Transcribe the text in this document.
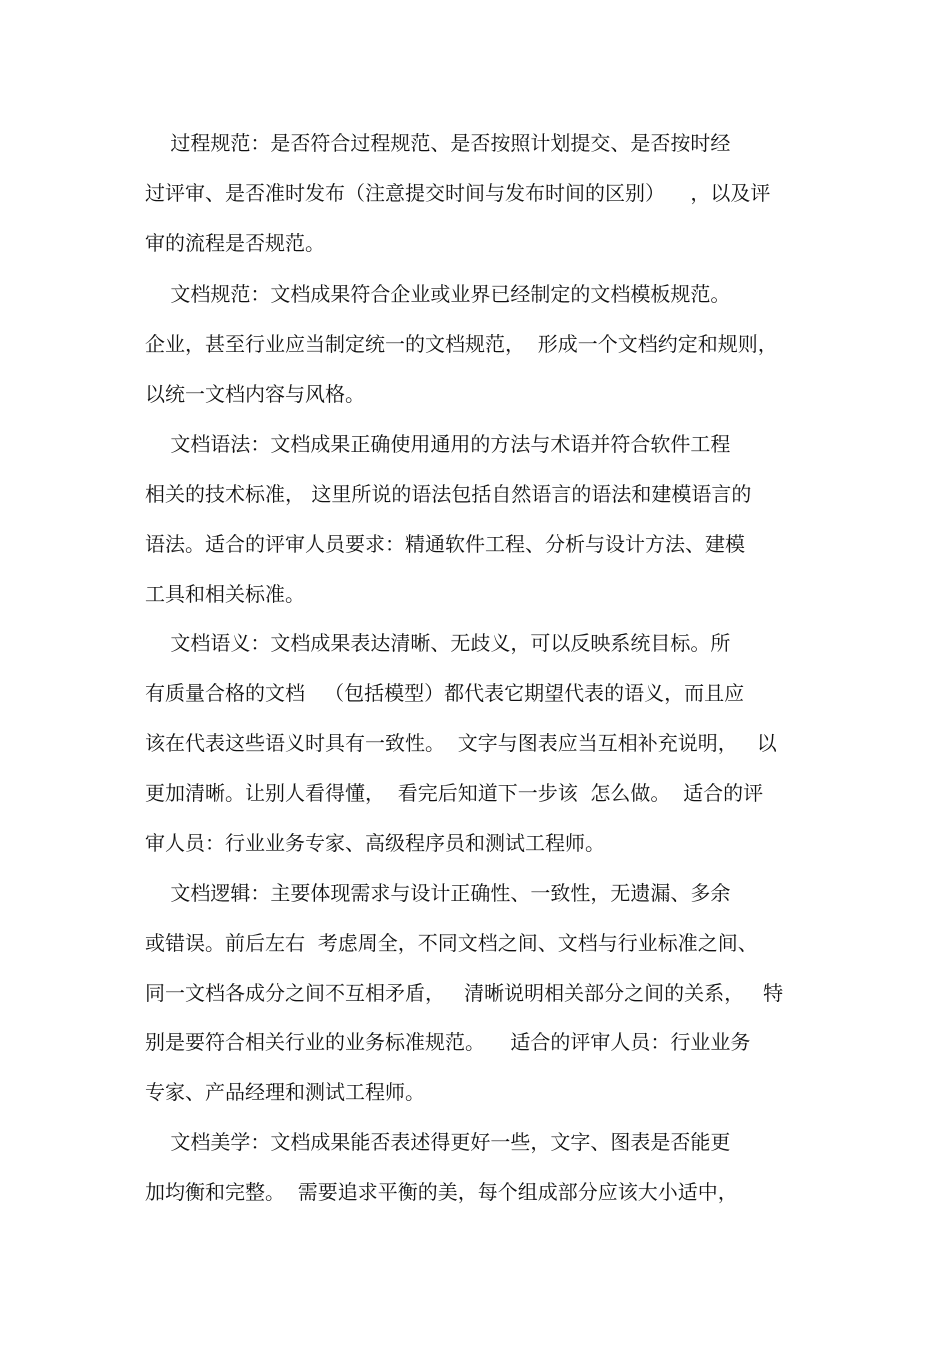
过程规范：是否符合过程规范、是否按照计划提交、是否按时经

过评审、是否准时发布（注意提交时间与发布时间的区别）    ，以及评

审的流程是否规范。

文档规范：文档成果符合企业或业界已经制定的文档模板规范。

企业，甚至行业应当制定统一的文档规范，  形成一个文档约定和规则，

以统一文档内容与风格。

文档语法：文档成果正确使用通用的方法与术语并符合软件工程

相关的技术标准， 这里所说的语法包括自然语言的语法和建模语言的

语法。适合的评审人员要求：精通软件工程、分析与设计方法、建模

工具和相关标准。

文档语义：文档成果表达清晰、无歧义，可以反映系统目标。所

有质量合格的文档   （包括模型）都代表它期望代表的语义，而且应

该在代表这些语义时具有一致性。  文字与图表应当互相补充说明，   以

更加清晰。让别人看得懂，  看完后知道下一步该  怎么做。  适合的评

审人员：行业业务专家、高级程序员和测试工程师。

文档逻辑：主要体现需求与设计正确性、一致性，无遗漏、多余

或错误。前后左右  考虑周全，不同文档之间、文档与行业标准之间、

同一文档各成分之间不互相矛盾，   清晰说明相关部分之间的关系，   特

别是要符合相关行业的业务标准规范。    适合的评审人员：行业业务

专家、产品经理和测试工程师。

文档美学：文档成果能否表述得更好一些，文字、图表是否能更

加均衡和完整。  需要追求平衡的美，每个组成部分应该大小适中，
